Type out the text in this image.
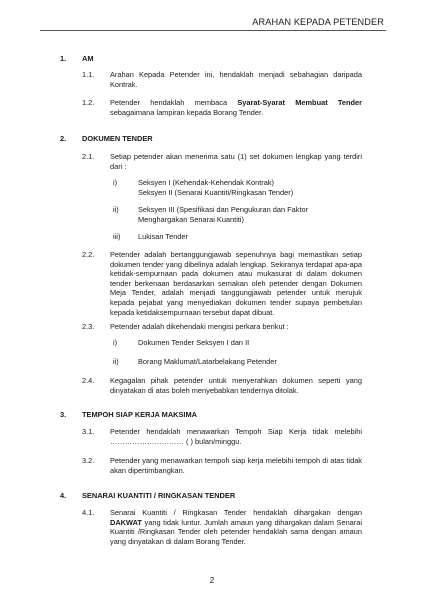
ARAHAN KEPADA PETENDER
1. AM
1.1. Arahan Kepada Petender ini, hendaklah menjadi sebahagian daripada Kontrak.
1.2. Petender hendaklah membaca Syarat-Syarat Membuat Tender sebagaimana lampiran kepada Borang Tender.
2. DOKUMEN TENDER
2.1. Setiap petender akan menerima satu (1) set dokumen lengkap yang terdiri dari :
i)	Seksyen I (Kehendak-Kehendak Kontrak)
Seksyen II (Senarai Kuantiti/Ringkasan Tender)
ii)	Seksyen III (Spesifikasi dan Pengukuran dan Faktor
Menghargakan Senarai Kuantiti)
iii) Lukisan Tender
2.2. Petender adalah bertanggungjawab sepenuhnya bagi memastikan setiap dokumen tender yang dibelinya adalah lengkap. Sekiranya terdapat apa-apa ketidak-sempurnaan pada dokumen atau mukasurat di dalam dokumen tender berkenaan berdasarkan semakan oleh petender dengan Dokumen Meja Tender, adalah menjadi tanggungjawab petender untuk merujuk kepada pejabat yang menyediakan dokumen tender supaya pembetulan kepada ketidaksempurnaan tersebut dapat dibuat.
2.3. Petender adalah dikehendaki mengisi perkara berikut :
i)	Dokumen Tender Seksyen I dan II
ii)	Borang Maklumat/Latarbelakang Petender
2.4. Kegagalan pihak petender untuk menyerahkan dokumen seperti yang dinyatakan di atas boleh menyebabkan tendernya ditolak.
3. TEMPOH SIAP KERJA MAKSIMA
3.1. Petender hendaklah menawarkan Tempoh Siap Kerja tidak melebihi ………………………… ( ) bulan/minggu.
3.2. Petender yang menawarkan tempoh siap kerja melebihi tempoh di atas tidak akan dipertimbangkan.
4. SENARAI KUANTITI / RINGKASAN TENDER
4.1. Senarai Kuantiti / Ringkasan Tender hendaklah dihargakan dengan DAKWAT yang tidak luntur. Jumlah amaun yang dihargakan dalam Senarai Kuantiti /Ringkasan Tender oleh petender hendaklah sama dengan amaun yang dinyatakan di dalam Borang Tender.
2
